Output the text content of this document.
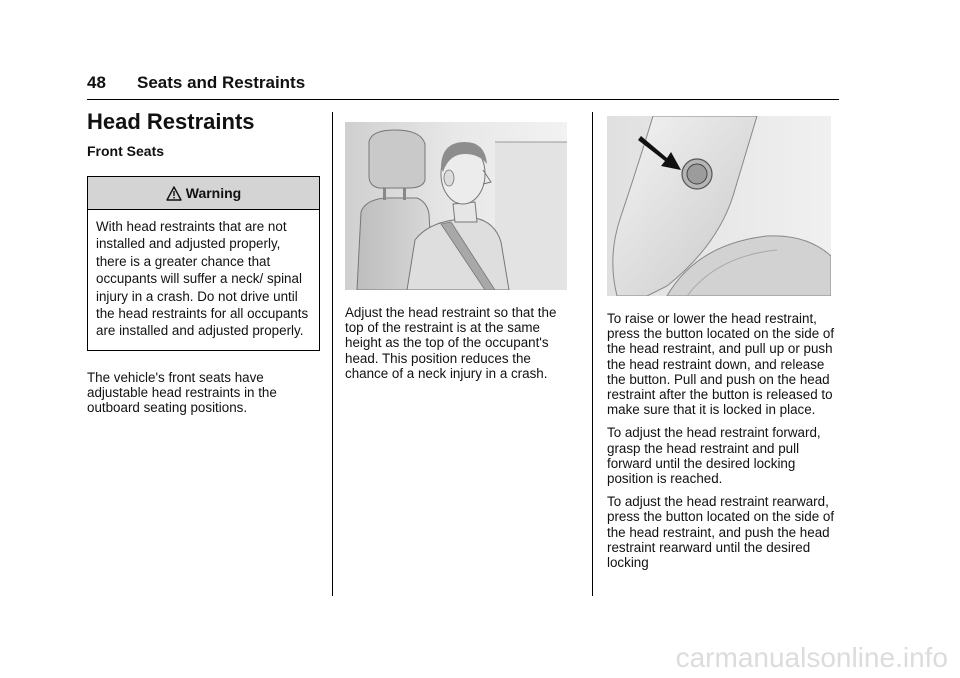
48 Seats and Restraints
Head Restraints
Front Seats
Warning
With head restraints that are not installed and adjusted properly, there is a greater chance that occupants will suffer a neck/ spinal injury in a crash. Do not drive until the head restraints for all occupants are installed and adjusted properly.

The vehicle's front seats have adjustable head restraints in the outboard seating positions.

Adjust the head restraint so that the top of the restraint is at the same height as the top of the occupant's head. This position reduces the chance of a neck injury in a crash.

To raise or lower the head restraint, press the button located on the side of the head restraint, and pull up or push the head restraint down, and release the button. Pull and push on the head restraint after the button is released to make sure that it is locked in place.

To adjust the head restraint forward, grasp the head restraint and pull forward until the desired locking position is reached.

To adjust the head restraint rearward, press the button located on the side of the head restraint, and push the head restraint rearward until the desired locking

carmanualsonline.info
